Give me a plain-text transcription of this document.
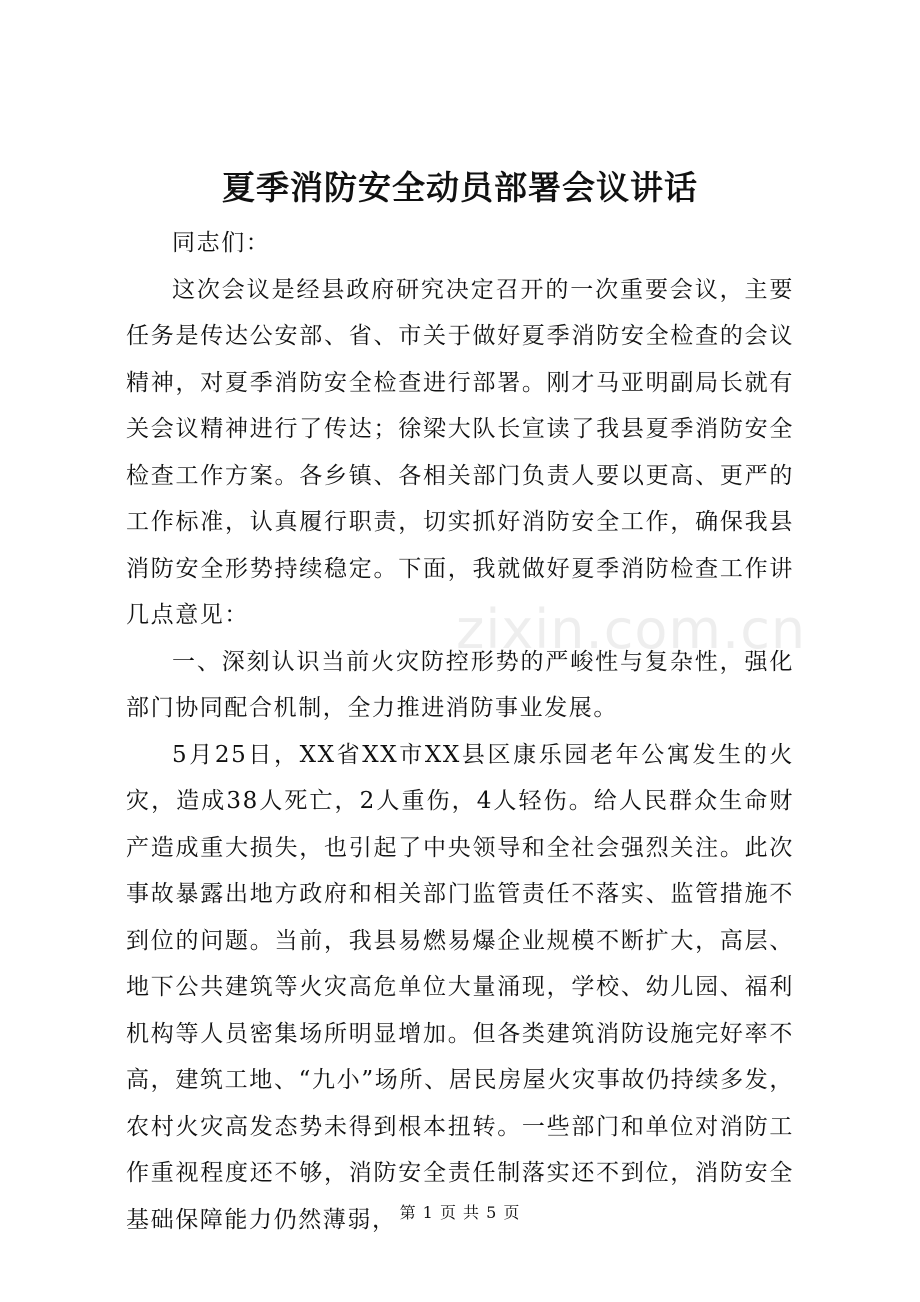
夏季消防安全动员部署会议讲话

同志们：

这次会议是经县政府研究决定召开的一次重要会议，主要任务是传达公安部、省、市关于做好夏季消防安全检查的会议精神，对夏季消防安全检查进行部署。刚才马亚明副局长就有关会议精神进行了传达；徐梁大队长宣读了我县夏季消防安全检查工作方案。各乡镇、各相关部门负责人要以更高、更严的工作标准，认真履行职责，切实抓好消防安全工作，确保我县消防安全形势持续稳定。下面，我就做好夏季消防检查工作讲几点意见：

一、深刻认识当前火灾防控形势的严峻性与复杂性，强化部门协同配合机制，全力推进消防事业发展。

5月25日，XX省XX市XX县区康乐园老年公寓发生的火灾，造成38人死亡，2人重伤，4人轻伤。给人民群众生命财产造成重大损失，也引起了中央领导和全社会强烈关注。此次事故暴露出地方政府和相关部门监管责任不落实、监管措施不到位的问题。当前，我县易燃易爆企业规模不断扩大，高层、地下公共建筑等火灾高危单位大量涌现，学校、幼儿园、福利机构等人员密集场所明显增加。但各类建筑消防设施完好率不高，建筑工地、“九小”场所、居民房屋火灾事故仍持续多发，农村火灾高发态势未得到根本扭转。一些部门和单位对消防工作重视程度还不够，消防安全责任制落实还不到位，消防安全基础保障能力仍然薄弱，

zixin.com.cn
第 1 页 共 5 页
